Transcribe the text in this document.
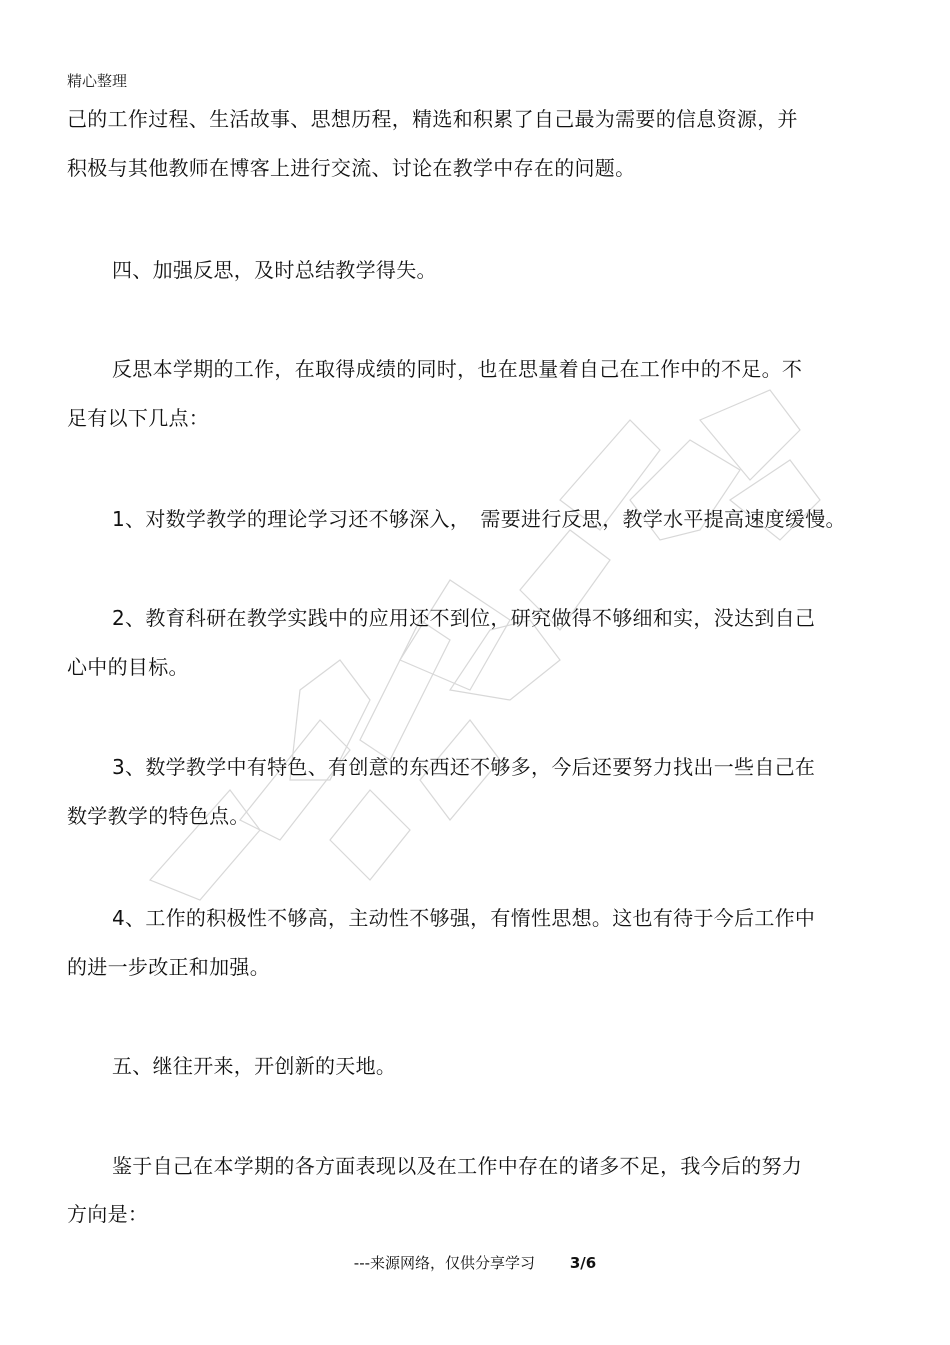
精心整理
己的工作过程、生活故事、思想历程，精选和积累了自己最为需要的信息资源，并
积极与其他教师在博客上进行交流、讨论在教学中存在的问题。
四、加强反思，及时总结教学得失。
反思本学期的工作，在取得成绩的同时，也在思量着自己在工作中的不足。不
足有以下几点：
1、对数学教学的理论学习还不够深入，　需要进行反思，教学水平提高速度缓慢。
2、教育科研在教学实践中的应用还不到位，研究做得不够细和实，没达到自己
心中的目标。
3、数学教学中有特色、有创意的东西还不够多，今后还要努力找出一些自己在
数学教学的特色点。
4、工作的积极性不够高，主动性不够强，有惰性思想。这也有待于今后工作中
的进一步改正和加强。
五、继往开来，开创新的天地。
鉴于自己在本学期的各方面表现以及在工作中存在的诸多不足，我今后的努力
方向是：
---来源网络，仅供分享学习 3/6
